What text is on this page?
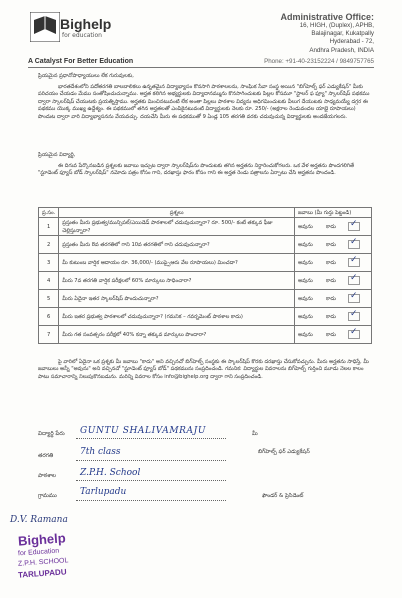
Bighelp
for education
A Catalyst For Better Education
Administrative Office:
16, HIGH, (Duplex), APHB,
Balajinagar, Kukatpally
Hyderabad - 72,
Andhra Pradesh, INDIA
Phone: +91-40-23152224 / 9849757765
ప్రియమైన ప్రధానోపాధ్యాయులు లేక గురువులకు,
భారతదేశంలోని పదోతరగతి బాలబాలికలు ఉన్నతమైన విద్యాభ్యాసం కొనసాగి పాఠశాలలను, సాంఘిక సేవా సంస్థ అయిన "బిగ్‌హెల్ప్ ఫర్ ఎడ్యుకేషన్" మీకు పరిచయం చేయడం మేము సంతోషించుచున్నాము. అర్హత కలిగిన అభ్యర్థులకు విద్యాదానమ్మును కొనసాగించుటకు పిల్లల కోసమూ "స్టాలర్ ఫ ఫ్యూ" స్కాలర్‌షిప్ పథకము ద్వారా స్కాలర్‌షిప్ చేయుటకు ప్రయత్నిస్తాము. అర్హతకు మించినటువంటి లేక అంతా పిల్లలు పాఠశాల విద్యను అధిగమించుటకు వీలుగ దేయుటకు సాధ్యమయ్యే దగ్గర ఈ పథకము యొక్క ముఖ్య ఉద్దేశ్యం. ఈ పథకములో తగిన అర్హతలతో ఎంపికైనటువంటి విద్యార్థులకు నెలకు రూ. 250/- (అక్షరాల రెండువందల యాభై రూపాయలు) పొందుట ద్వారా వారి విద్యాభ్యాసనను వేయవచ్చు. దయచేసి మీరు ఈ పథకముతో 9 ఏండ్ల 105 తరగతి వరకు చదువుచున్న విద్యార్థులకు అందజేయగలరు.
ప్రియమైన విద్యార్థి,
ఈ దిగువ పేర్కొనబడిన ప్రశ్నలకు జవాబు ఇచ్చుట ద్వారా స్కాలర్‌షిప్‌ను పొందుటకు తగిన అర్హతను నిర్ధారించుకోగలరు. ఒక వేళ అర్హతను పొందగలిగితే "స్టూడెంట్ ఫ్యూస్ బోడ్ స్కాలర్‌షిప్" నమోదు పత్రం కోసం గాని, దరఖాస్తు ఫారం కోసం గాని ఈ అర్హత రెండు పత్రాలను ఏర్పాటు చేసి అర్హతను పొందండి.
ప్ర.సం.	ప్రశ్నలు	జవాబు (మీ గుర్తు పెట్టండి)
1	ప్రస్తుతం మీరు ప్రభుత్వ/మున్సిపల్/ఎయిడెడ్ పాఠశాలలో చదువుచున్నారా? రూ. 500/- కంటే తక్కువ ఫీజు చెల్లిస్తున్నారా?	అవును కాదు ✓

2	ప్రస్తుతం మీరు 8వ తరగతిలో గాని 10వ తరగతిలో గాని చదువుచున్నారా?	అవును కాదు ✓

3	మీ కుటుంబ వార్షిక ఆదాయం రూ. 36,000/- (ముప్పైఆరు వేల రూపాయలు) మించదా?	అవును కాదు ✓

4	మీరు 7వ తరగతి వార్షిక పరీక్షలలో 60% మార్కులు సాధించారా?	అవును కాదు ✓

5	మీరు ఏదైనా ఇతర స్కాలర్‌షిప్ పొందుచున్నారా?	అవును కాదు ✓

6	మీరు ఇతర ప్రభుత్వ పాఠశాలలో చదువుచున్నారా? (గమనిక – గవర్నమెంట్ పాఠశాల కాదు)	అవును కాదు ✓

7	మీరు గత సంవత్సరం పరీక్షలో 40% కన్నా తక్కువ మార్కులు పొందారా?	అవును కాదు ✓
పై వారిలో ఏదైనా ఒక ప్రశ్నకు మీ జవాబు "కాదు" అని వచ్చినచో బిగ్‌హెల్ప్ సంస్థకు ఈ స్కాలర్‌షిప్ కొరకు దరఖాస్తు చేసుకోవచ్చును. మీరు అర్హతను సాధిస్తే, మీ జవాబులు అన్నీ "అవును" అని వచ్చినచో "స్టూడెంట్ ఫ్యూస్ బోడ్" పథకమును సంప్రదించండి. గమనిక: విద్యార్థుల వివరాలను బిగ్‌హెల్ప్ గుర్తించి మూడు నెలల కాలం పాటు సమాచారాన్ని నిలుపుకొనబడును. మరిన్ని వివరాల కోసం info@bighelp.org ద్వారా గాని సంప్రదించండి.
విద్యార్థి పేరు GUNTU SHALIVAMRAJU
తరగతి	7th class
పాఠశాల	Z.P.H. School
గ్రామము	Tarlupadu
మీ
బిగ్‌హెల్ప్ ఫర్ ఎడ్యుకేషన్
ఫౌండర్ & ప్రెసిడెంట్
D.V. Ramana
Bighelp
for Education
Z.P.H. SCHOOL
TARLUPADU
